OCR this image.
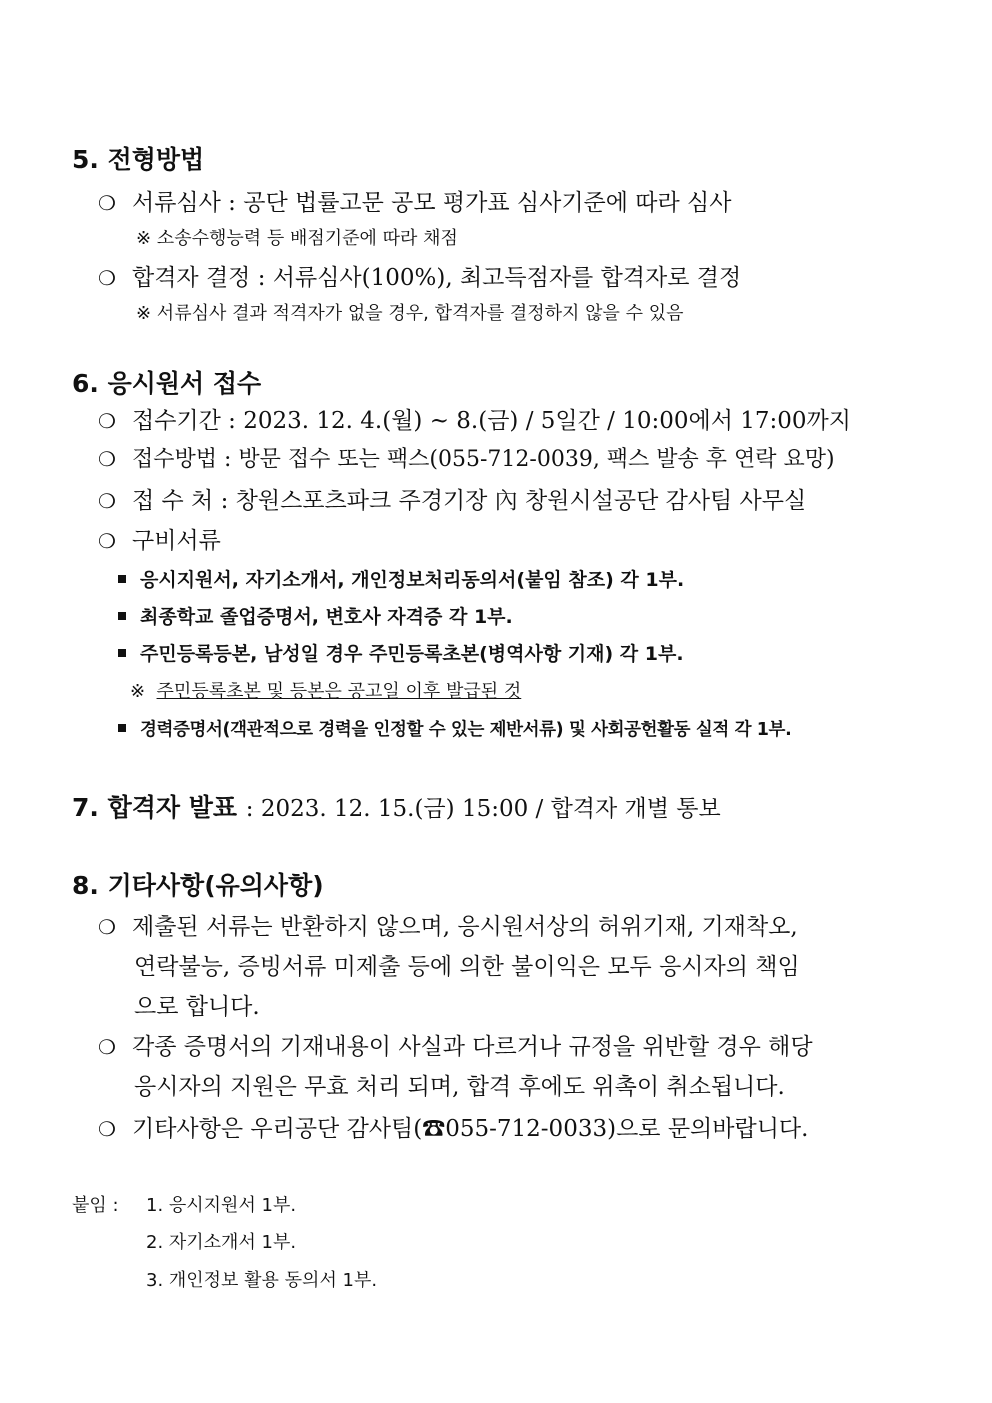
5. 전형방법
❍ 서류심사 : 공단 법률고문 공모 평가표 심사기준에 따라 심사
※ 소송수행능력 등 배점기준에 따라 채점
❍ 합격자 결정 : 서류심사(100%), 최고득점자를 합격자로 결정
※ 서류심사 결과 적격자가 없을 경우, 합격자를 결정하지 않을 수 있음
6. 응시원서 접수
❍ 접수기간 : 2023. 12. 4.(월) ~ 8.(금) / 5일간 / 10:00에서 17:00까지
❍ 접수방법 : 방문 접수 또는 팩스(055-712-0039, 팩스 발송 후 연락 요망)
❍ 접 수 처 : 창원스포츠파크 주경기장 內 창원시설공단 감사팀 사무실
❍ 구비서류
응시지원서, 자기소개서, 개인정보처리동의서(붙임 참조) 각 1부.
최종학교 졸업증명서, 변호사 자격증 각 1부.
주민등록등본, 남성일 경우 주민등록초본(병역사항 기재) 각 1부.
※ 주민등록초본 및 등본은 공고일 이후 발급된 것
경력증명서(객관적으로 경력을 인정할 수 있는 제반서류) 및 사회공헌활동 실적 각 1부.
7. 합격자 발표 : 2023. 12. 15.(금) 15:00 / 합격자 개별 통보
8. 기타사항(유의사항)
❍ 제출된 서류는 반환하지 않으며, 응시원서상의 허위기재, 기재착오,
연락불능, 증빙서류 미제출 등에 의한 불이익은 모두 응시자의 책임
으로 합니다.
❍ 각종 증명서의 기재내용이 사실과 다르거나 규정을 위반할 경우 해당
응시자의 지원은 무효 처리 되며, 합격 후에도 위촉이 취소됩니다.
❍ 기타사항은 우리공단 감사팀(☎055-712-0033)으로 문의바랍니다.
붙임 : 1. 응시지원서 1부.
2. 자기소개서 1부.
3. 개인정보 활용 동의서 1부.
